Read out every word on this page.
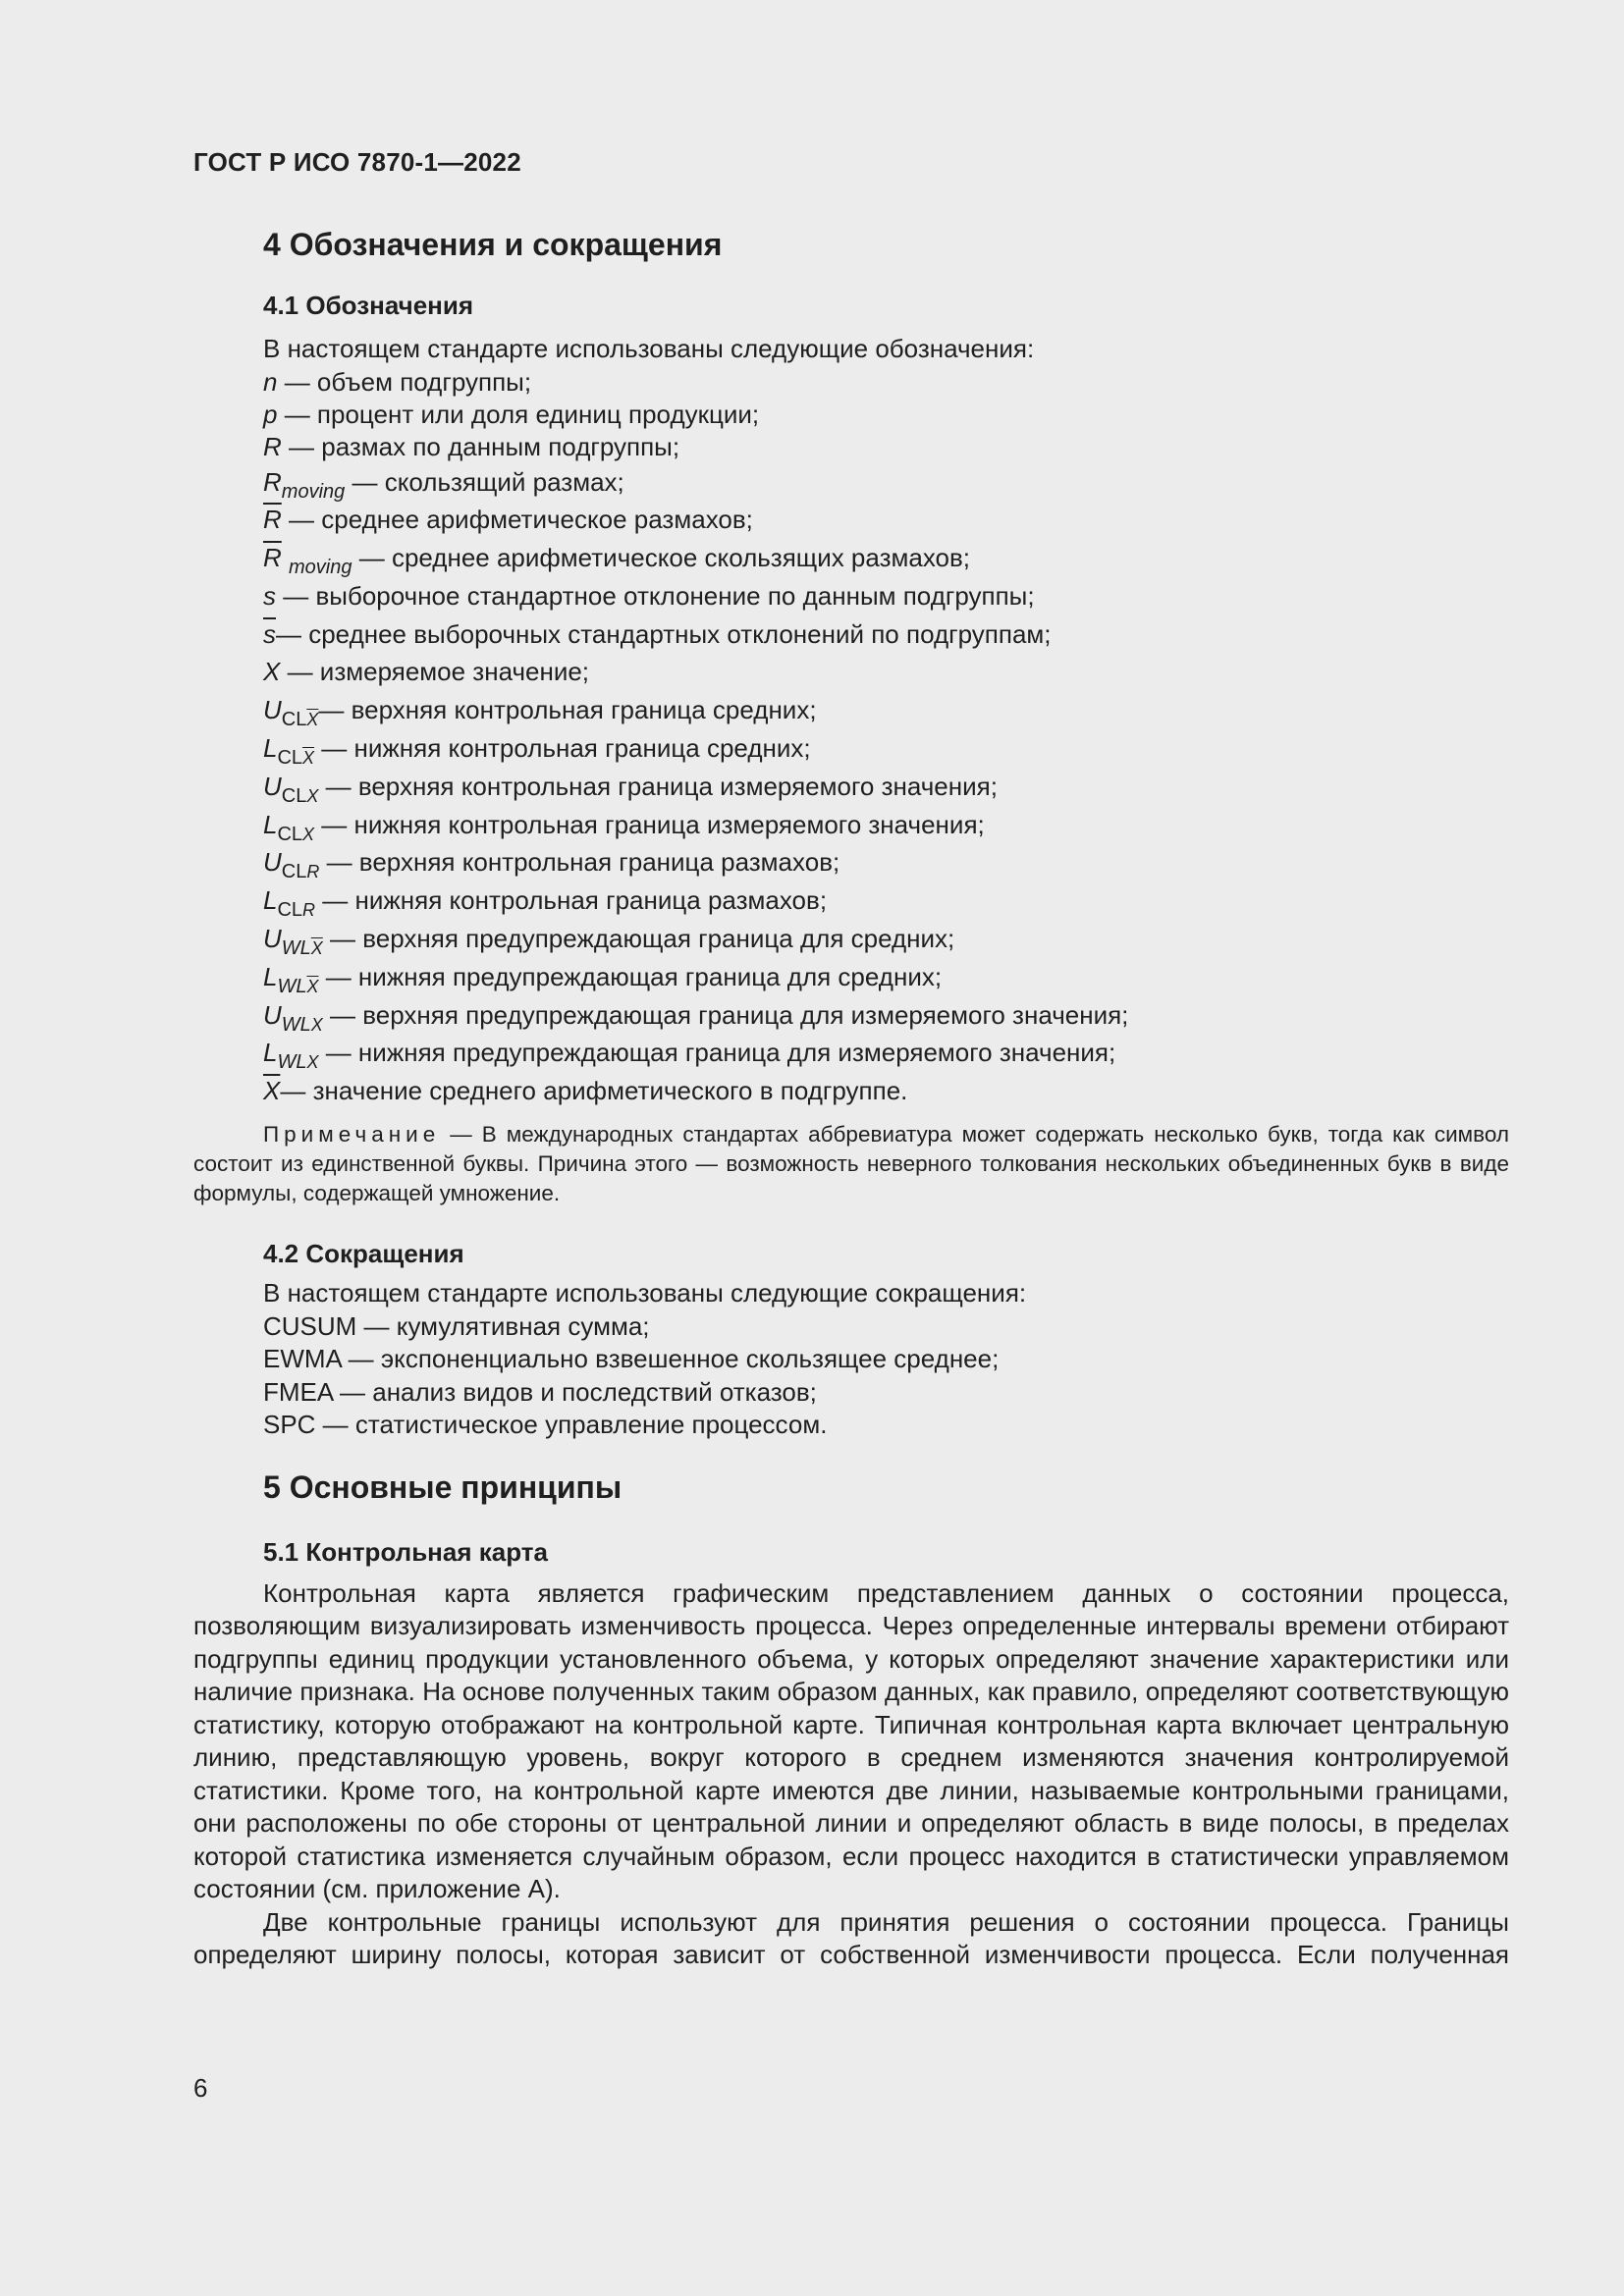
ГОСТ Р ИСО 7870-1—2022
4 Обозначения и сокращения
4.1 Обозначения

В настоящем стандарте использованы следующие обозначения:

n — объем подгруппы;

p — процент или доля единиц продукции;

R — размах по данным подгруппы;

$R_{moving}$ — скользящий размах;

$\overline{R}$ — среднее арифметическое размахов;

$\overline{R}$ $_{moving}$ — среднее арифметическое скользящих размахов;

s — выборочное стандартное отклонение по данным подгруппы;

$\overline{s}—$ среднее выборочных стандартных отклонений по подгруппам;

X — измеряемое значение;

$U_{CL\overline{X}}—$ верхняя контрольная граница средних;

$L_{CL\overline{X}}$ — нижняя контрольная граница средних;

$U_{CLX}$ — верхняя контрольная граница измеряемого значения;

$L_{CLX}$ — нижняя контрольная граница измеряемого значения;

$U_{CLR}$ — верхняя контрольная граница размахов;

$L_{CLR}$ — нижняя контрольная граница размахов;

$U_{WL\overline{X}}$ — верхняя предупреждающая граница для средних;

$L_{WL\overline{X}}$ — нижняя предупреждающая граница для средних;

$U_{WLX}$ — верхняя предупреждающая граница для измеряемого значения;

$L_{WLX}$ — нижняя предупреждающая граница для измеряемого значения;

$\overline{X}—$ значение среднего арифметического в подгруппе.

Примечание — В международных стандартах аббревиатура может содержать несколько букв, тогда как символ состоит из единственной буквы. Причина этого — возможность неверного толкования нескольких объединенных букв в виде формулы, содержащей умножение.

4.2 Сокращения

В настоящем стандарте использованы следующие сокращения:

CUSUM — кумулятивная сумма;

EWMA — экспоненциально взвешенное скользящее среднее;

FMEA — анализ видов и последствий отказов;

SPC — статистическое управление процессом.

5 Основные принципы
5.1 Контрольная карта

Контрольная карта является графическим представлением данных о состоянии процесса, позволяющим визуализировать изменчивость процесса. Через определенные интервалы времени отбирают подгруппы единиц продукции установленного объема, у которых определяют значение характеристики или наличие признака. На основе полученных таким образом данных, как правило, определяют соответствующую статистику, которую отображают на контрольной карте. Типичная контрольная карта включает центральную линию, представляющую уровень, вокруг которого в среднем изменяются значения контролируемой статистики. Кроме того, на контрольной карте имеются две линии, называемые контрольными границами, они расположены по обе стороны от центральной линии и определяют область в виде полосы, в пределах которой статистика изменяется случайным образом, если процесс находится в статистически управляемом состоянии (см. приложение А).

Две контрольные границы используют для принятия решения о состоянии процесса. Границы определяют ширину полосы, которая зависит от собственной изменчивости процесса. Если полученная

6
